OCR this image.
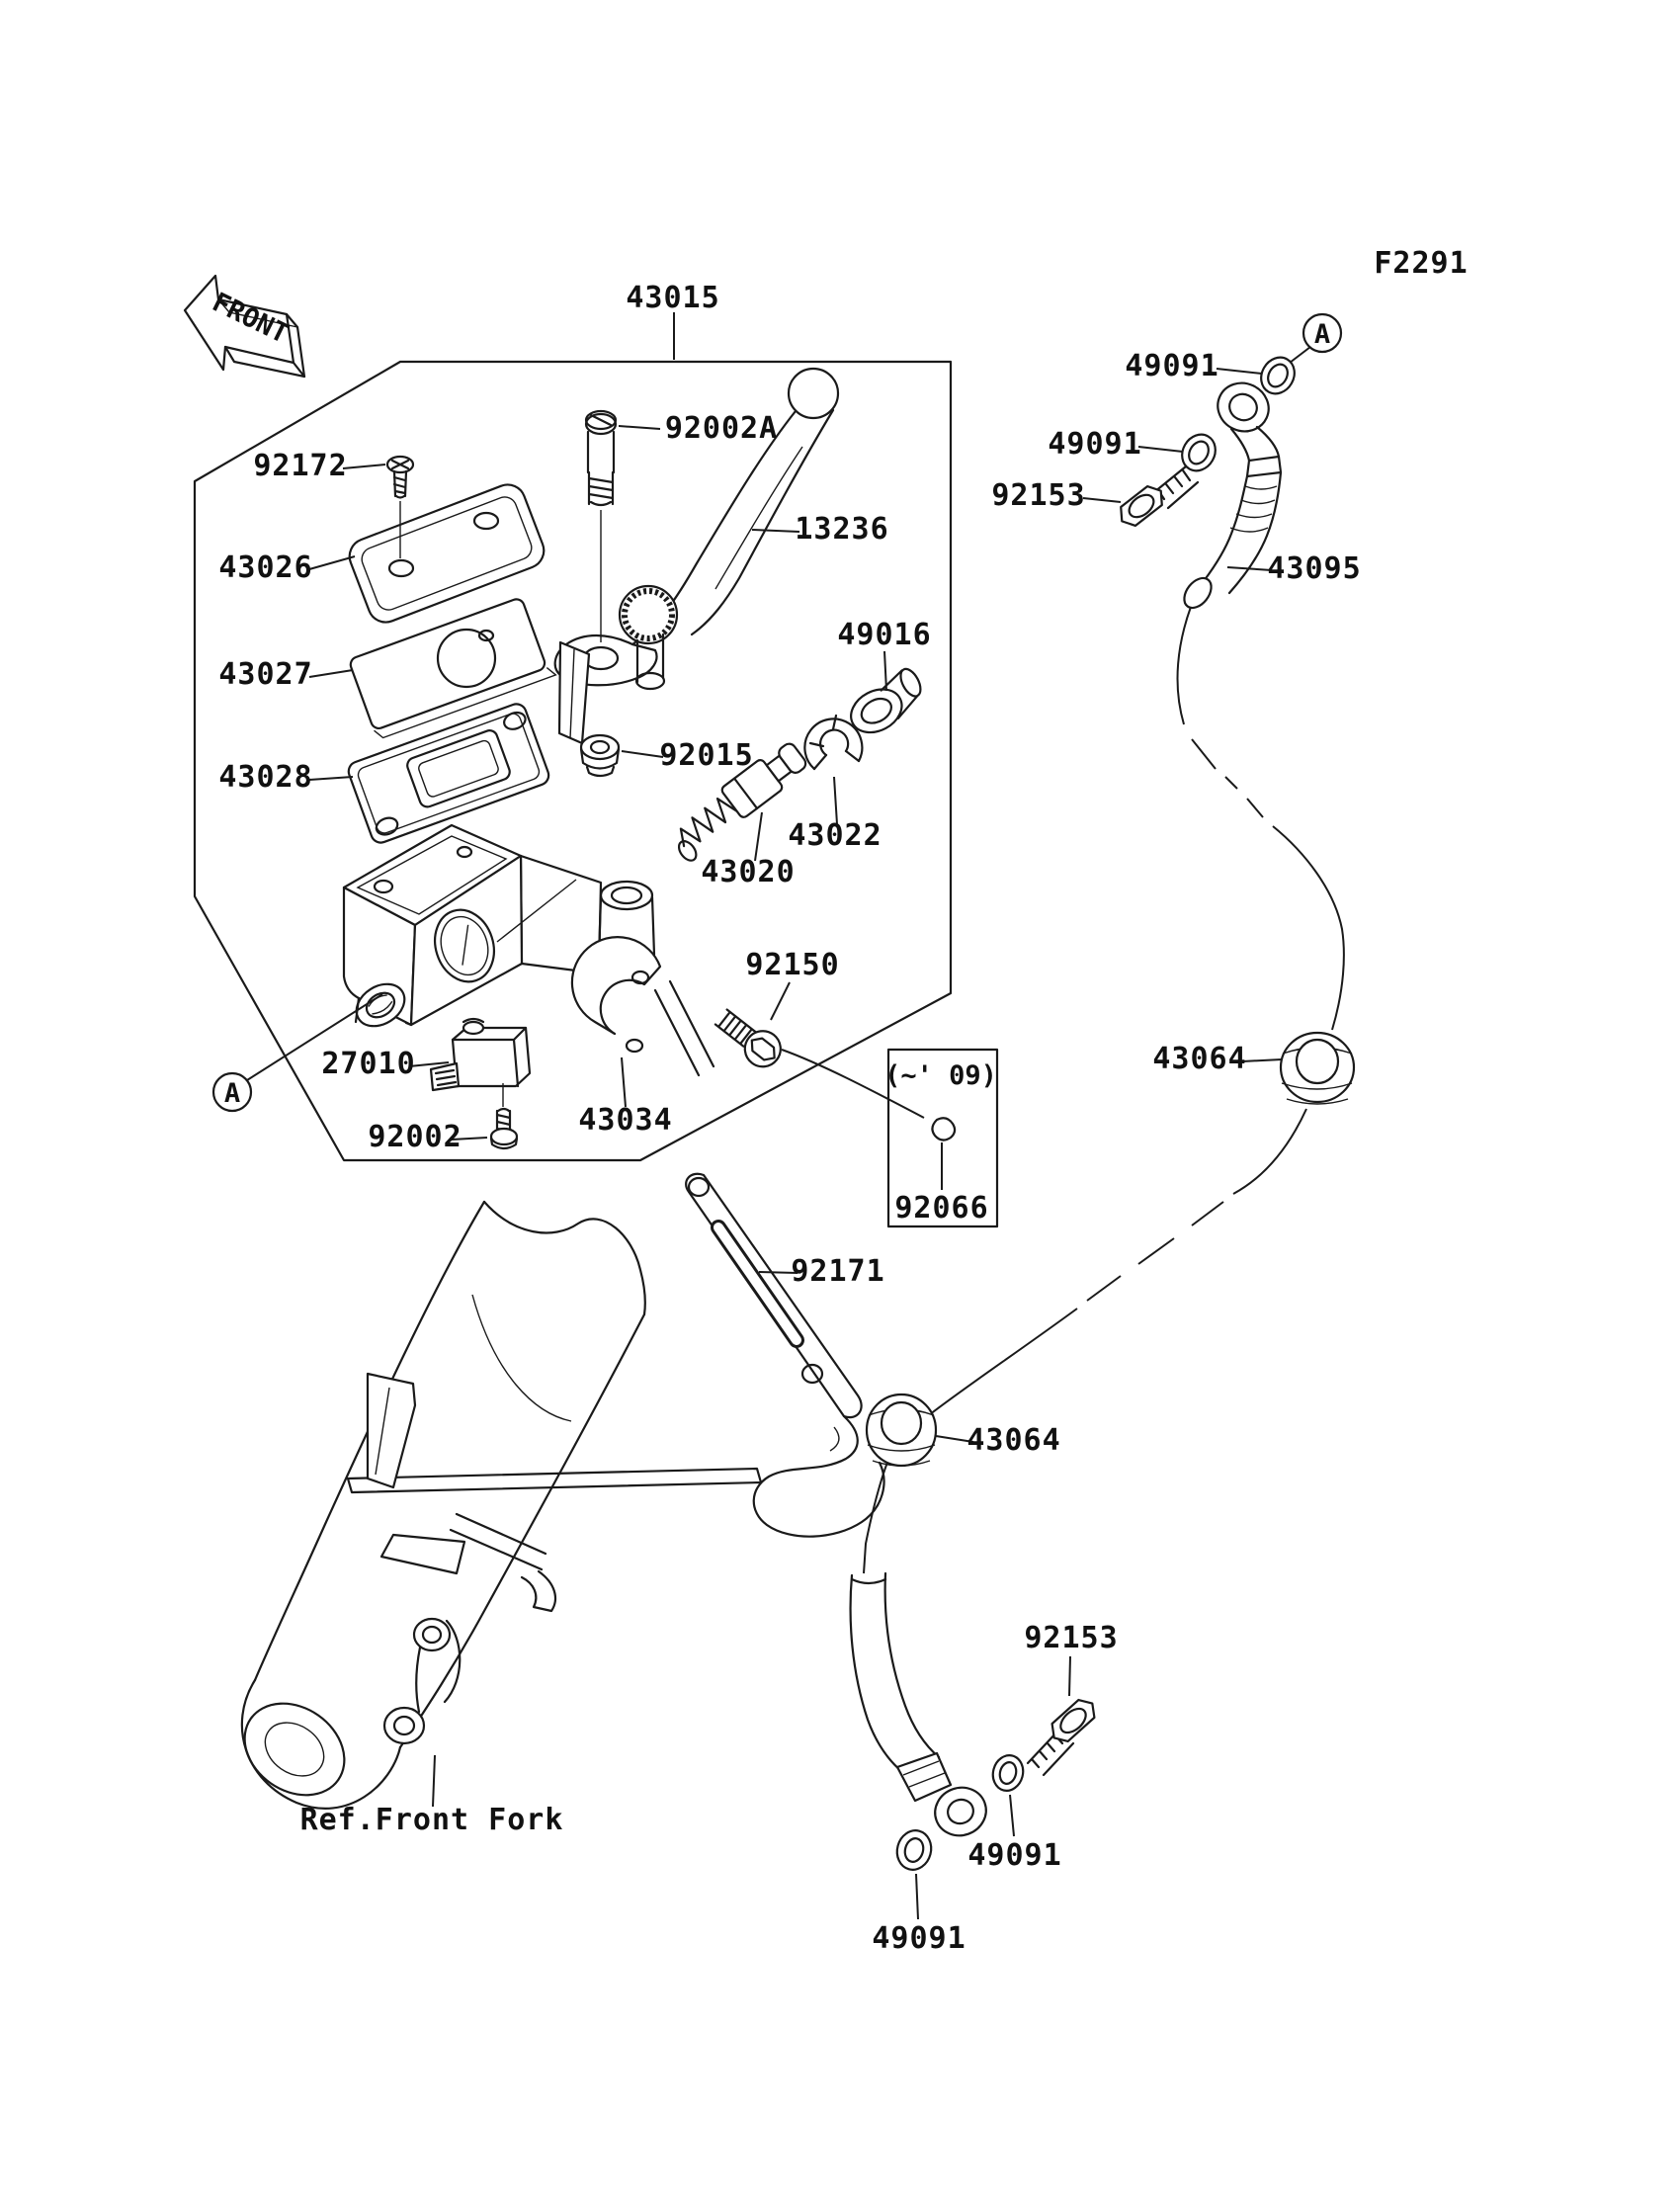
FRONT
F2291
A
A
43015
92002A
92172
43026
13236
43027
49016
92015
43028
43022
43020
92150
27010
43034
92002
(~' 09)
92066
92171
43064
43064
43095
49091
49091
92153
92153
49091
49091
Ref.Front Fork
